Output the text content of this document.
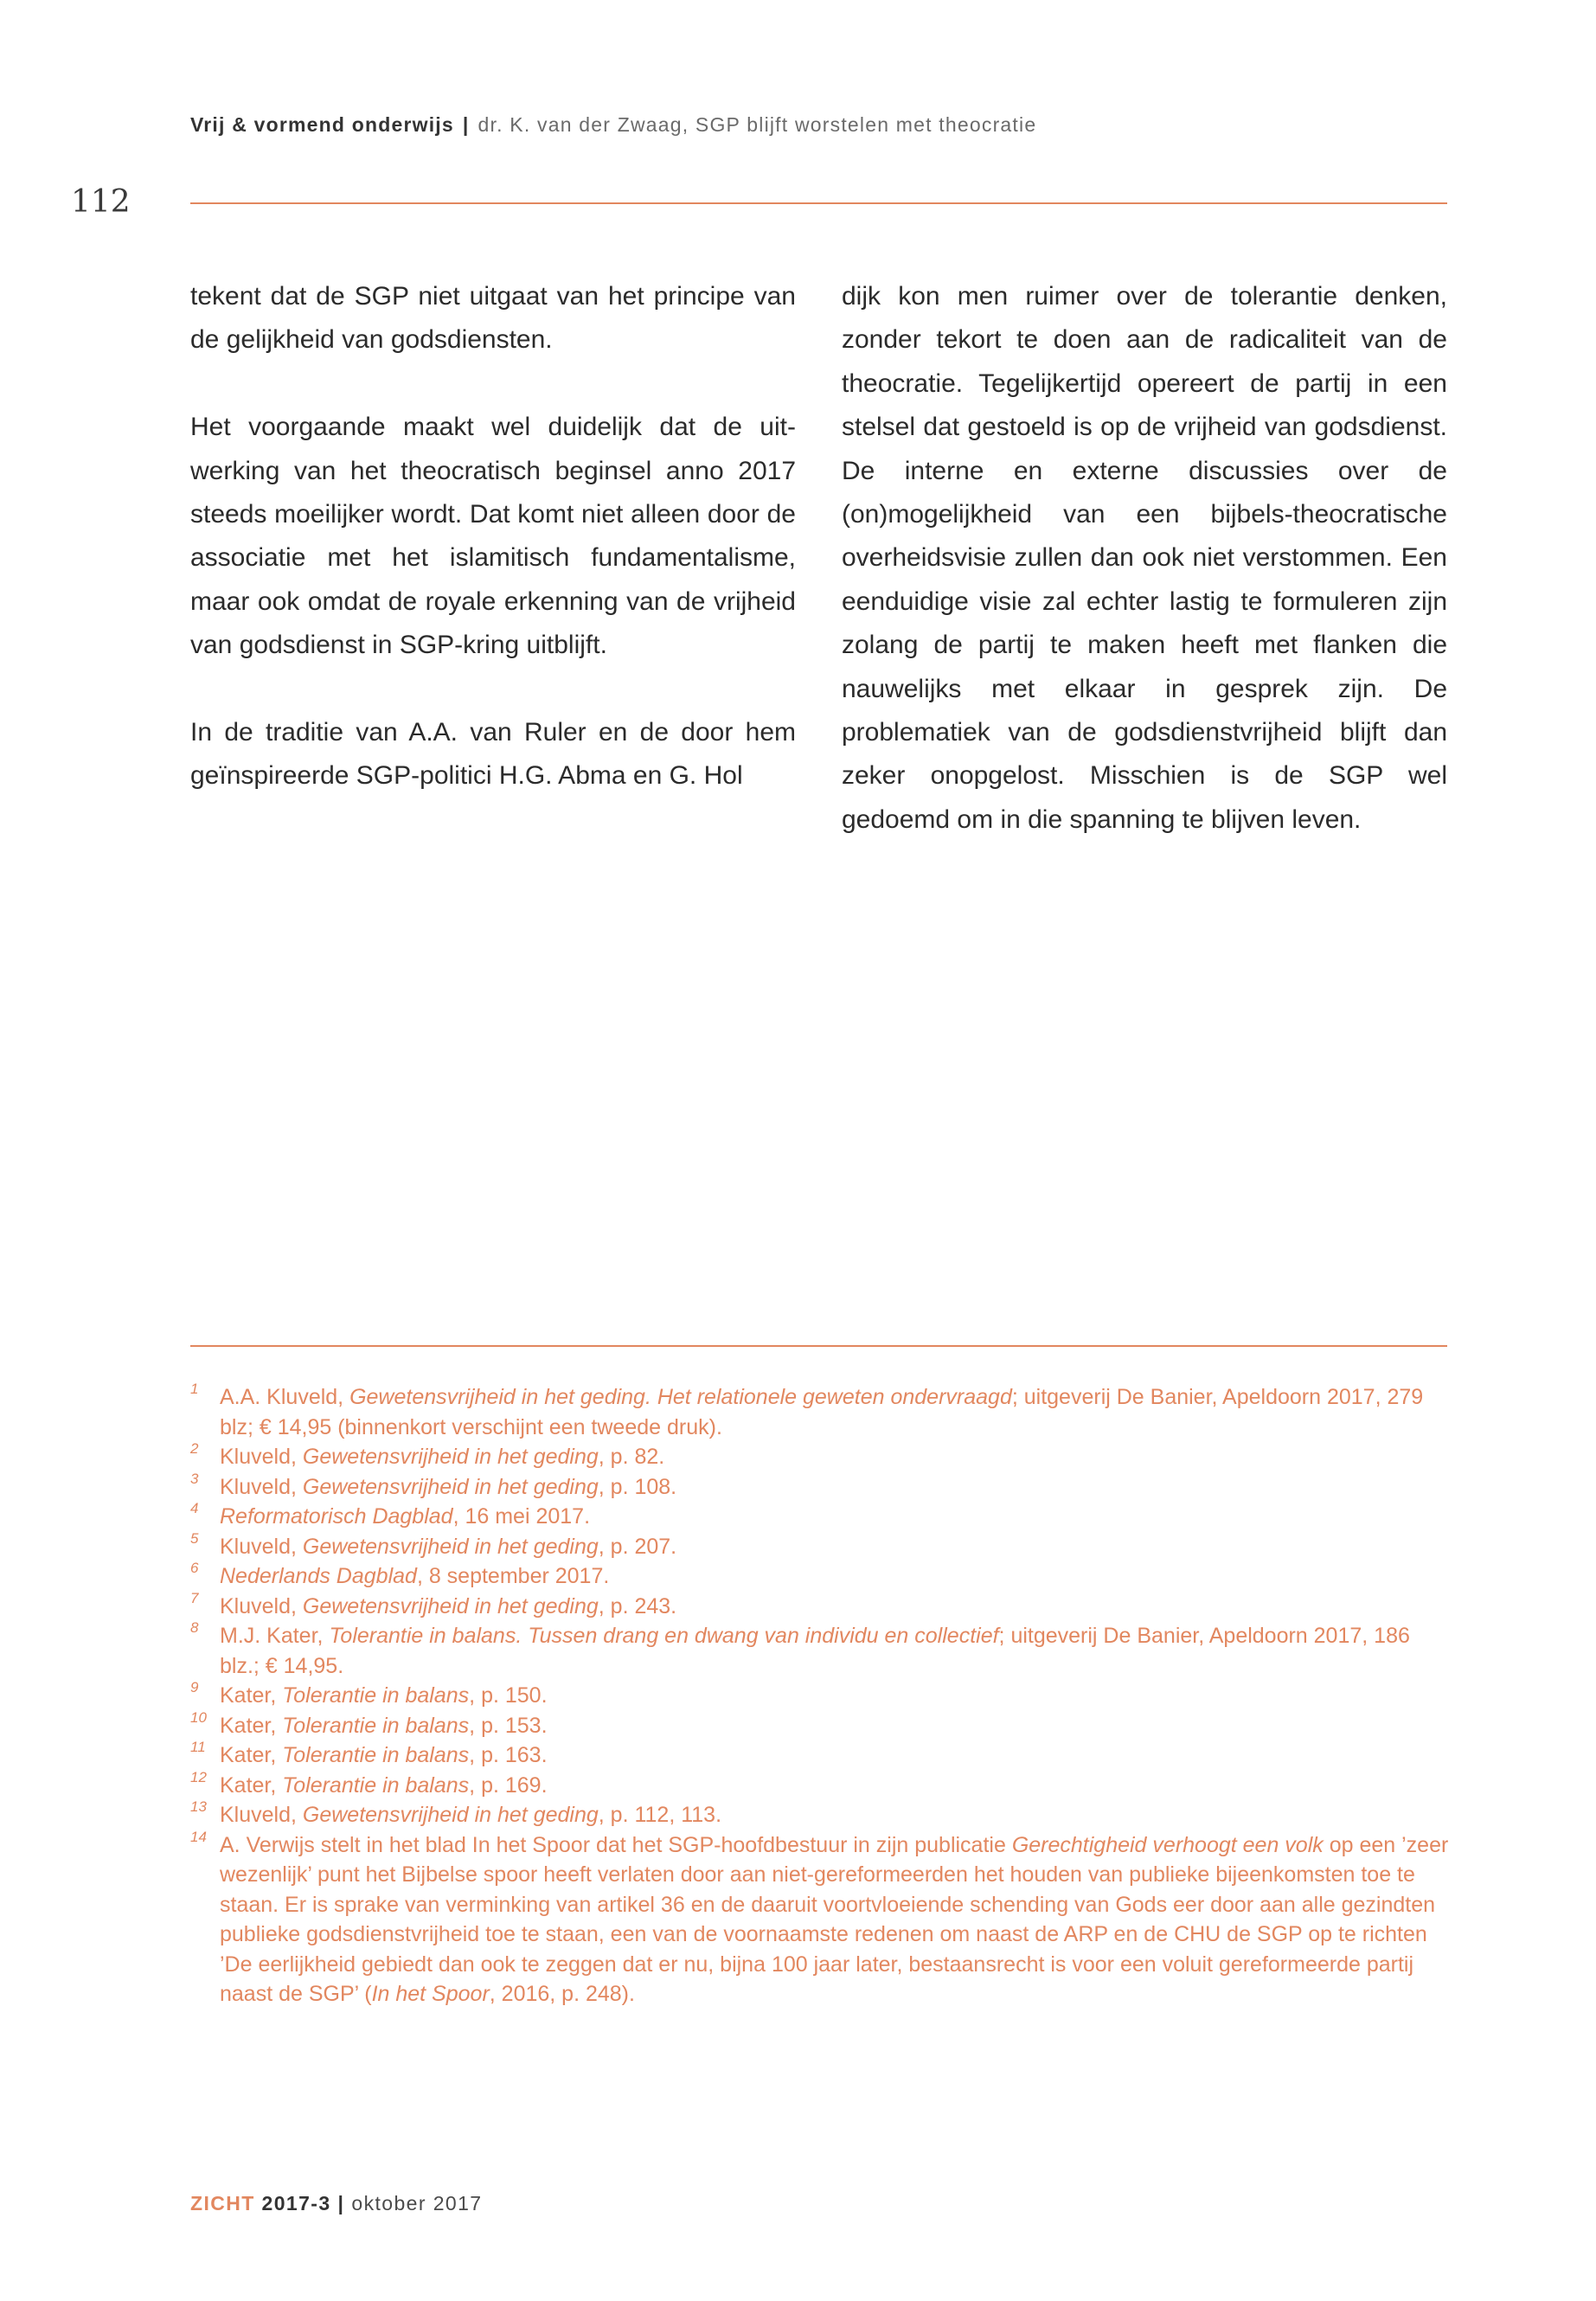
Vrij & vormend onderwijs | dr. K. van der Zwaag, SGP blijft worstelen met theocratie
112

tekent dat de SGP niet uitgaat van het principe van de gelijkheid van godsdiensten.

Het voorgaande maakt wel duidelijk dat de uitwerking van het theocratisch beginsel anno 2017 steeds moeilijker wordt. Dat komt niet alleen door de associatie met het islamitisch fundamentalisme, maar ook omdat de royale erkenning van de vrijheid van godsdienst in SGP-kring uitblijft.

In de traditie van A.A. van Ruler en de door hem geïnspireerde SGP-politici H.G. Abma en G. Hol

dijk kon men ruimer over de tolerantie denken, zonder tekort te doen aan de radicaliteit van de theocratie. Tegelijkertijd opereert de partij in een stelsel dat gestoeld is op de vrijheid van godsdienst. De interne en externe discussies over de (on)mogelijkheid van een bijbels-theocratische overheidsvisie zullen dan ook niet verstommen. Een eenduidige visie zal echter lastig te formuleren zijn zolang de partij te maken heeft met flanken die nauwelijks met elkaar in gesprek zijn. De problematiek van de godsdienstvrijheid blijft dan zeker onopgelost. Misschien is de SGP wel gedoemd om in die spanning te blijven leven.

1 A.A. Kluveld, Gewetensvrijheid in het geding. Het relationele geweten ondervraagd; uitgeverij De Banier, Apeldoorn 2017, 279 blz; € 14,95 (binnenkort verschijnt een tweede druk).
2 Kluveld, Gewetensvrijheid in het geding, p. 82.
3 Kluveld, Gewetensvrijheid in het geding, p. 108.
4 Reformatorisch Dagblad, 16 mei 2017.
5 Kluveld, Gewetensvrijheid in het geding, p. 207.
6 Nederlands Dagblad, 8 september 2017.
7 Kluveld, Gewetensvrijheid in het geding, p. 243.
8 M.J. Kater, Tolerantie in balans. Tussen drang en dwang van individu en collectief; uitgeverij De Banier, Apeldoorn 2017, 186 blz.; € 14,95.
9 Kater, Tolerantie in balans, p. 150.
10 Kater, Tolerantie in balans, p. 153.
11 Kater, Tolerantie in balans, p. 163.
12 Kater, Tolerantie in balans, p. 169.
13 Kluveld, Gewetensvrijheid in het geding, p. 112, 113.
14 A. Verwijs stelt in het blad In het Spoor dat het SGP-hoofdbestuur in zijn publicatie Gerechtigheid verhoogt een volk op een ’zeer wezenlijk’ punt het Bijbelse spoor heeft verlaten door aan niet-gereformeerden het houden van publieke bijeenkomsten toe te staan. Er is sprake van verminking van artikel 36 en de daaruit voortvloeiende schending van Gods eer door aan alle gezindten publieke godsdienstvrijheid toe te staan, een van de voornaamste redenen om naast de ARP en de CHU de SGP op te richten ’De eerlijkheid gebiedt dan ook te zeggen dat er nu, bijna 100 jaar later, bestaansrecht is voor een voluit gereformeerde partij naast de SGP’ (In het Spoor, 2016, p. 248).
ZICHT 2017-3 | oktober 2017
